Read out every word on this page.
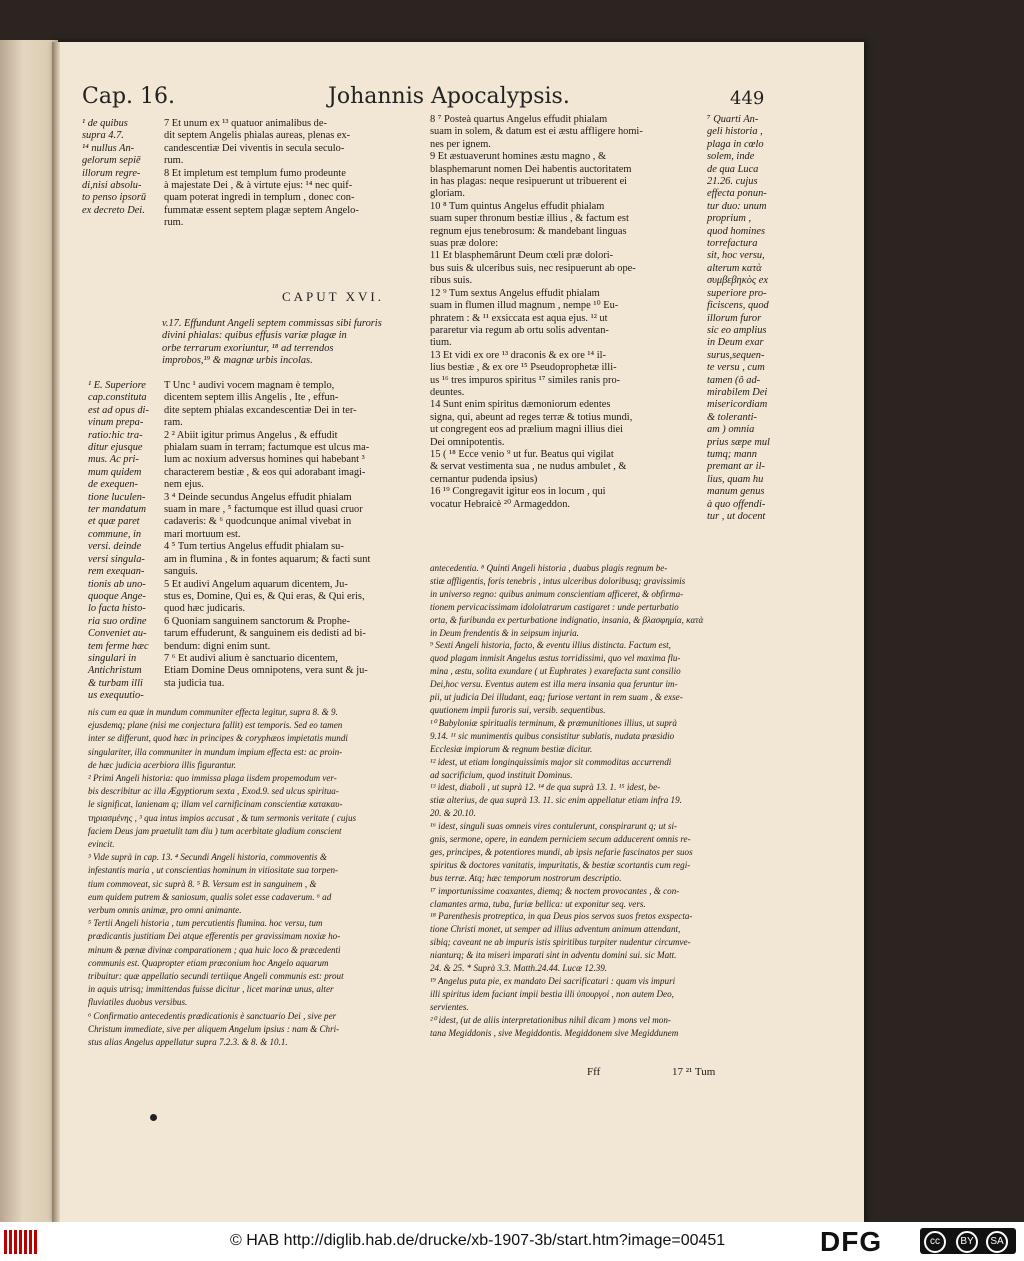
Cap. 16.	Johannis Apocalypsis.	449
¹ de quibus
supra 4.7.
¹⁴ nullus An-
gelorum sepiē
illorum regre-
di,nisi absolu-
to penso ipsorū
ex decreto Dei.
7 Et unum ex ¹³ quatuor animalibus de-
dit septem Angelis phialas aureas, plenas ex-
candescentiæ Dei viventis in secula seculo-
rum.
8 Et impletum est templum fumo prodeunte
à majestate Dei , & à virtute ejus: ¹⁴ nec quif-
quam poterat ingredi in templum , donec con-
fummatæ essent septem plagæ septem Angelo-
rum.
CAPUT XVI.
v.17. Effundunt Angeli septem commissas sibi furoris
divini phialas: quibus effusis variæ plagæ in
orbe terrarum exoriuntur, ¹⁸ ad terrendos
improbos,¹⁹ & magnæ urbis incolas.
¹ E. Superiore
cap.constituta
est ad opus di-
vinum prepa-
ratio:hic tra-
ditur ejusque
mus. Ac pri-
mum quidem
de exequen-
tione luculen-
ter mandatum
et quæ paret
commune, in
versi. deinde
versi singula-
rem exequan-
tionis ab uno-
quoque Ange-
lo facta histo-
ria suo ordine
Conveniet au-
tem ferme hæc
singulari in
Antichristum
& turbam illi
us exequutio-
T Unc ¹ audivi vocem magnam è templo,
dicentem septem illis Angelis , Ite , effun-
dite septem phialas excandescentiæ Dei in ter-
ram.
2 ² Abiit igitur primus Angelus , & effudit
phialam suam in terram; factumque est ulcus ma-
lum ac noxium adversus homines qui habebant ³
characterem bestiæ , & eos qui adorabant imagi-
nem ejus.
3 ⁴ Deinde secundus Angelus effudit phialam
suam in mare , ⁵ factumque est illud quasi cruor
cadaveris: & ⁶ quodcunque animal vivebat in
mari mortuum est.
4 ⁵ Tum tertius Angelus effudit phialam su-
am in flumina , & in fontes aquarum; & facti sunt
sanguis.
5 Et audivi Angelum aquarum dicentem, Ju-
stus es, Domine, Qui es, & Qui eras, & Qui eris,
quod hæc judicaris.
6 Quoniam sanguinem sanctorum & Prophe-
tarum effuderunt, & sanguinem eis dedisti ad bi-
bendum: digni enim sunt.
7 ⁶ Et audivi alium è sanctuario dicentem,
Etiam Domine Deus omnipotens, vera sunt & ju-
sta judicia tua.
nis cum ea quæ in mundum communiter effecta legitur, supra 8. & 9.
ejusdemq; plane (nisi me conjectura fallit) est temporis. Sed eo tamen
inter se differunt, quod hæc in principes & coryphæos impietatis mundi
singulariter, illa communiter in mundum impium effecta est: ac proin-
de hæc judicia acerbiora illis figurantur.
² Primi Angeli historia: quo immissa plaga iisdem propemodum ver-
bis describitur ac illa Ægyptiorum sexta , Exod.9. sed ulcus spiritua-
le significat, lanienam q; illam vel carnificinam conscientiæ κατακαυ-
τηριασμένης , ³ qua intus impios accusat , & tum sermonis veritate ( cujus
faciem Deus jam praetulit tam diu ) tum acerbitate gladium conscient
evincit.
³ Vide suprà in cap. 13. ⁴ Secundi Angeli historia, commoventis &
infestantis maria , ut conscientias hominum in vitiositate sua torpen-
tium commoveat, sic suprà 8. ⁵ B. Versum est in sanguinem , &
eum quidem putrem & saniosum, qualis solet esse cadaverum. ⁶ ad
verbum omnis animæ, pro omni animante.
⁵ Tertii Angeli historia , tum percutientis flumina. hoc versu, tum
prædicantis justitiam Dei atque efferentis per gravissimam noxiæ ho-
minum & pœnæ divinæ comparationem ; qua huic loco & præcedenti
communis est. Quapropter etiam præconium hoc Angelo aquarum
tribuitur: quæ appellatio secundi tertiique Angeli communis est: prout
in aquis utrisq; immittendas fuisse dicitur , licet marinæ unus, alter
fluviatiles duobus versibus.
⁶ Confirmatio antecedentis prædicationis è sanctuario Dei , sive per
Christum immediate, sive per aliquem Angelum ipsius : nam & Chri-
stus alias Angelus appellatur supra 7.2.3. & 8. & 10.1.
8 ⁷ Posteà quartus Angelus effudit phialam
suam in solem, & datum est ei æstu affligere homi-
nes per ignem.
9 Et æstuaverunt homines æstu magno , &
blasphemarunt nomen Dei habentis auctoritatem
in has plagas: neque resipuerunt ut tribuerent ei
gloriam.
10 ⁸ Tum quintus Angelus effudit phialam
suam super thronum bestiæ illius , & factum est
regnum ejus tenebrosum: & mandebant linguas
suas præ dolore:
11 Et blasphemârunt Deum cœli præ dolori-
bus suis & ulceribus suis, nec resipuerunt ab ope-
ribus suis.
12 ⁹ Tum sextus Angelus effudit phialam
suam in flumen illud magnum , nempe ¹⁰ Eu-
phratem : & ¹¹ exsiccata est aqua ejus. ¹² ut
pararetur via regum ab ortu solis adventan-
tium.
13 Et vidi ex ore ¹³ draconis & ex ore ¹⁴ il-
lius bestiæ , & ex ore ¹⁵ Pseudoprophetæ illi-
us ¹⁶ tres impuros spiritus ¹⁷ similes ranis pro-
deuntes.
14 Sunt enim spiritus dæmoniorum edentes
signa, qui, abeunt ad reges terræ & totius mundi,
ut congregent eos ad prælium magni illius diei
Dei omnipotentis.
15 ( ¹⁸ Ecce venio ⁹ ut fur. Beatus qui vigilat
& servat vestimenta sua , ne nudus ambulet , &
cernantur pudenda ipsius)
16 ¹⁹ Congregavit igitur eos in locum , qui
vocatur Hebraicè ²⁰ Armageddon.
⁷ Quarti An-
geli historia ,
plaga in cœlo
solem, inde
de qua Luca
21.26. cujus
effecta ponun-
tur duo: unum
proprium ,
quod homines
torrefactura
sit, hoc versu,
alterum κατὰ
συμβεβηκὸς ex
superiore pro-
ficiscens, quod
illorum furor
sic eo amplius
in Deum exar
surus,sequen-
te versu , cum
tamen (ô ad-
mirabilem Dei
misericordiam
& toleranti-
am ) omnia
prius sæpe mul
tumq; mann
premant ar il-
lius, quam hu
manum genus
à quo offendi-
tur , ut docent
antecedentia. ⁸ Quinti Angeli historia , duabus plagis regnum be-
stiæ affligentis, foris tenebris , intus ulceribus doloribusq; gravissimis
in universo regno: quibus animum conscientiam afficeret, & obfirma-
tionem pervicacissimam idololatrarum castigaret : unde perturbatio
orta, & furibunda ex perturbatione indignatio, insania, & βλασφημία, κατὰ
in Deum frendentis & in seipsum injuria.
⁹ Sexti Angeli historia, facto, & eventu illius distincta. Factum est,
quod plagam inmisit Angelus æstus torridissimi, quo vel maxima flu-
mina , æstu, solita exundare ( ut Euphrates ) exarefacta sunt consilio
Dei,hoc versu. Eventus autem est illa mera insania qua feruntur im-
pii, ut judicia Dei illudant, eaq; furiose vertant in rem suam , & exse-
quutionem impii furoris sui, versib. sequentibus.
¹⁰ Babyloniæ spiritualis terminum, & præmunitiones illius, ut suprà
9.14. ¹¹ sic munimentis quibus consistitur sublatis, nudata præsidio
Ecclesiæ impiorum & regnum bestiæ dicitur.
¹² idest, ut etiam longinquissimis major sit commoditas accurrendi
ad sacrificium, quod instituit Dominus.
¹³ idest, diaboli , ut suprà 12. ¹⁴ de qua suprà 13. 1. ¹⁵ idest, be-
stiæ alterius, de qua suprà 13. 11. sic enim appellatur etiam infra 19.
20. & 20.10.
¹⁶ idest, singuli suas omneis vires contulerunt, conspirarunt q; ut si-
gnis, sermone, opere, in eandem perniciem secum adducerent omnis re-
ges, principes, & potentiores mundi, ab ipsis nefarie fascinatos per suos
spiritus & doctores vanitatis, impuritatis, & bestiæ scortantis cum regi-
bus terræ. Atq; hæc temporum nostrorum descriptio.
¹⁷ importunissime coaxantes, diemq; & noctem provocantes , & con-
clamantes arma, tuba, furiæ bellica: ut exponitur seq. vers.
¹⁸ Parenthesis protreptica, in qua Deus pios servos suos fretos exspecta-
tione Christi monet, ut semper ad illius adventum animum attendant,
sibiq; caveant ne ab impuris istis spiritibus turpiter nudentur circumve-
nianturq; & ita miseri imparati sint in adventu domini sui. sic Matt.
24. & 25. * Suprà 3.3. Matth.24.44. Lucæ 12.39.
¹⁹ Angelus puta pie, ex mandato Dei sacrificaturi : quam vis impuri
illi spiritus idem faciant impii bestia illi ὑπουργοί , non autem Deo,
servientes.
²⁰ idest, (ut de aliis interpretationibus nihil dicam ) mons vel mon-
tana Megiddonis , sive Megiddontis. Megiddonem sive Megiddunem
Fff	17 ²¹ Tum
© HAB http://diglib.hab.de/drucke/xb-1907-3b/start.htm?image=00451	DFG	cc	BY	SA
